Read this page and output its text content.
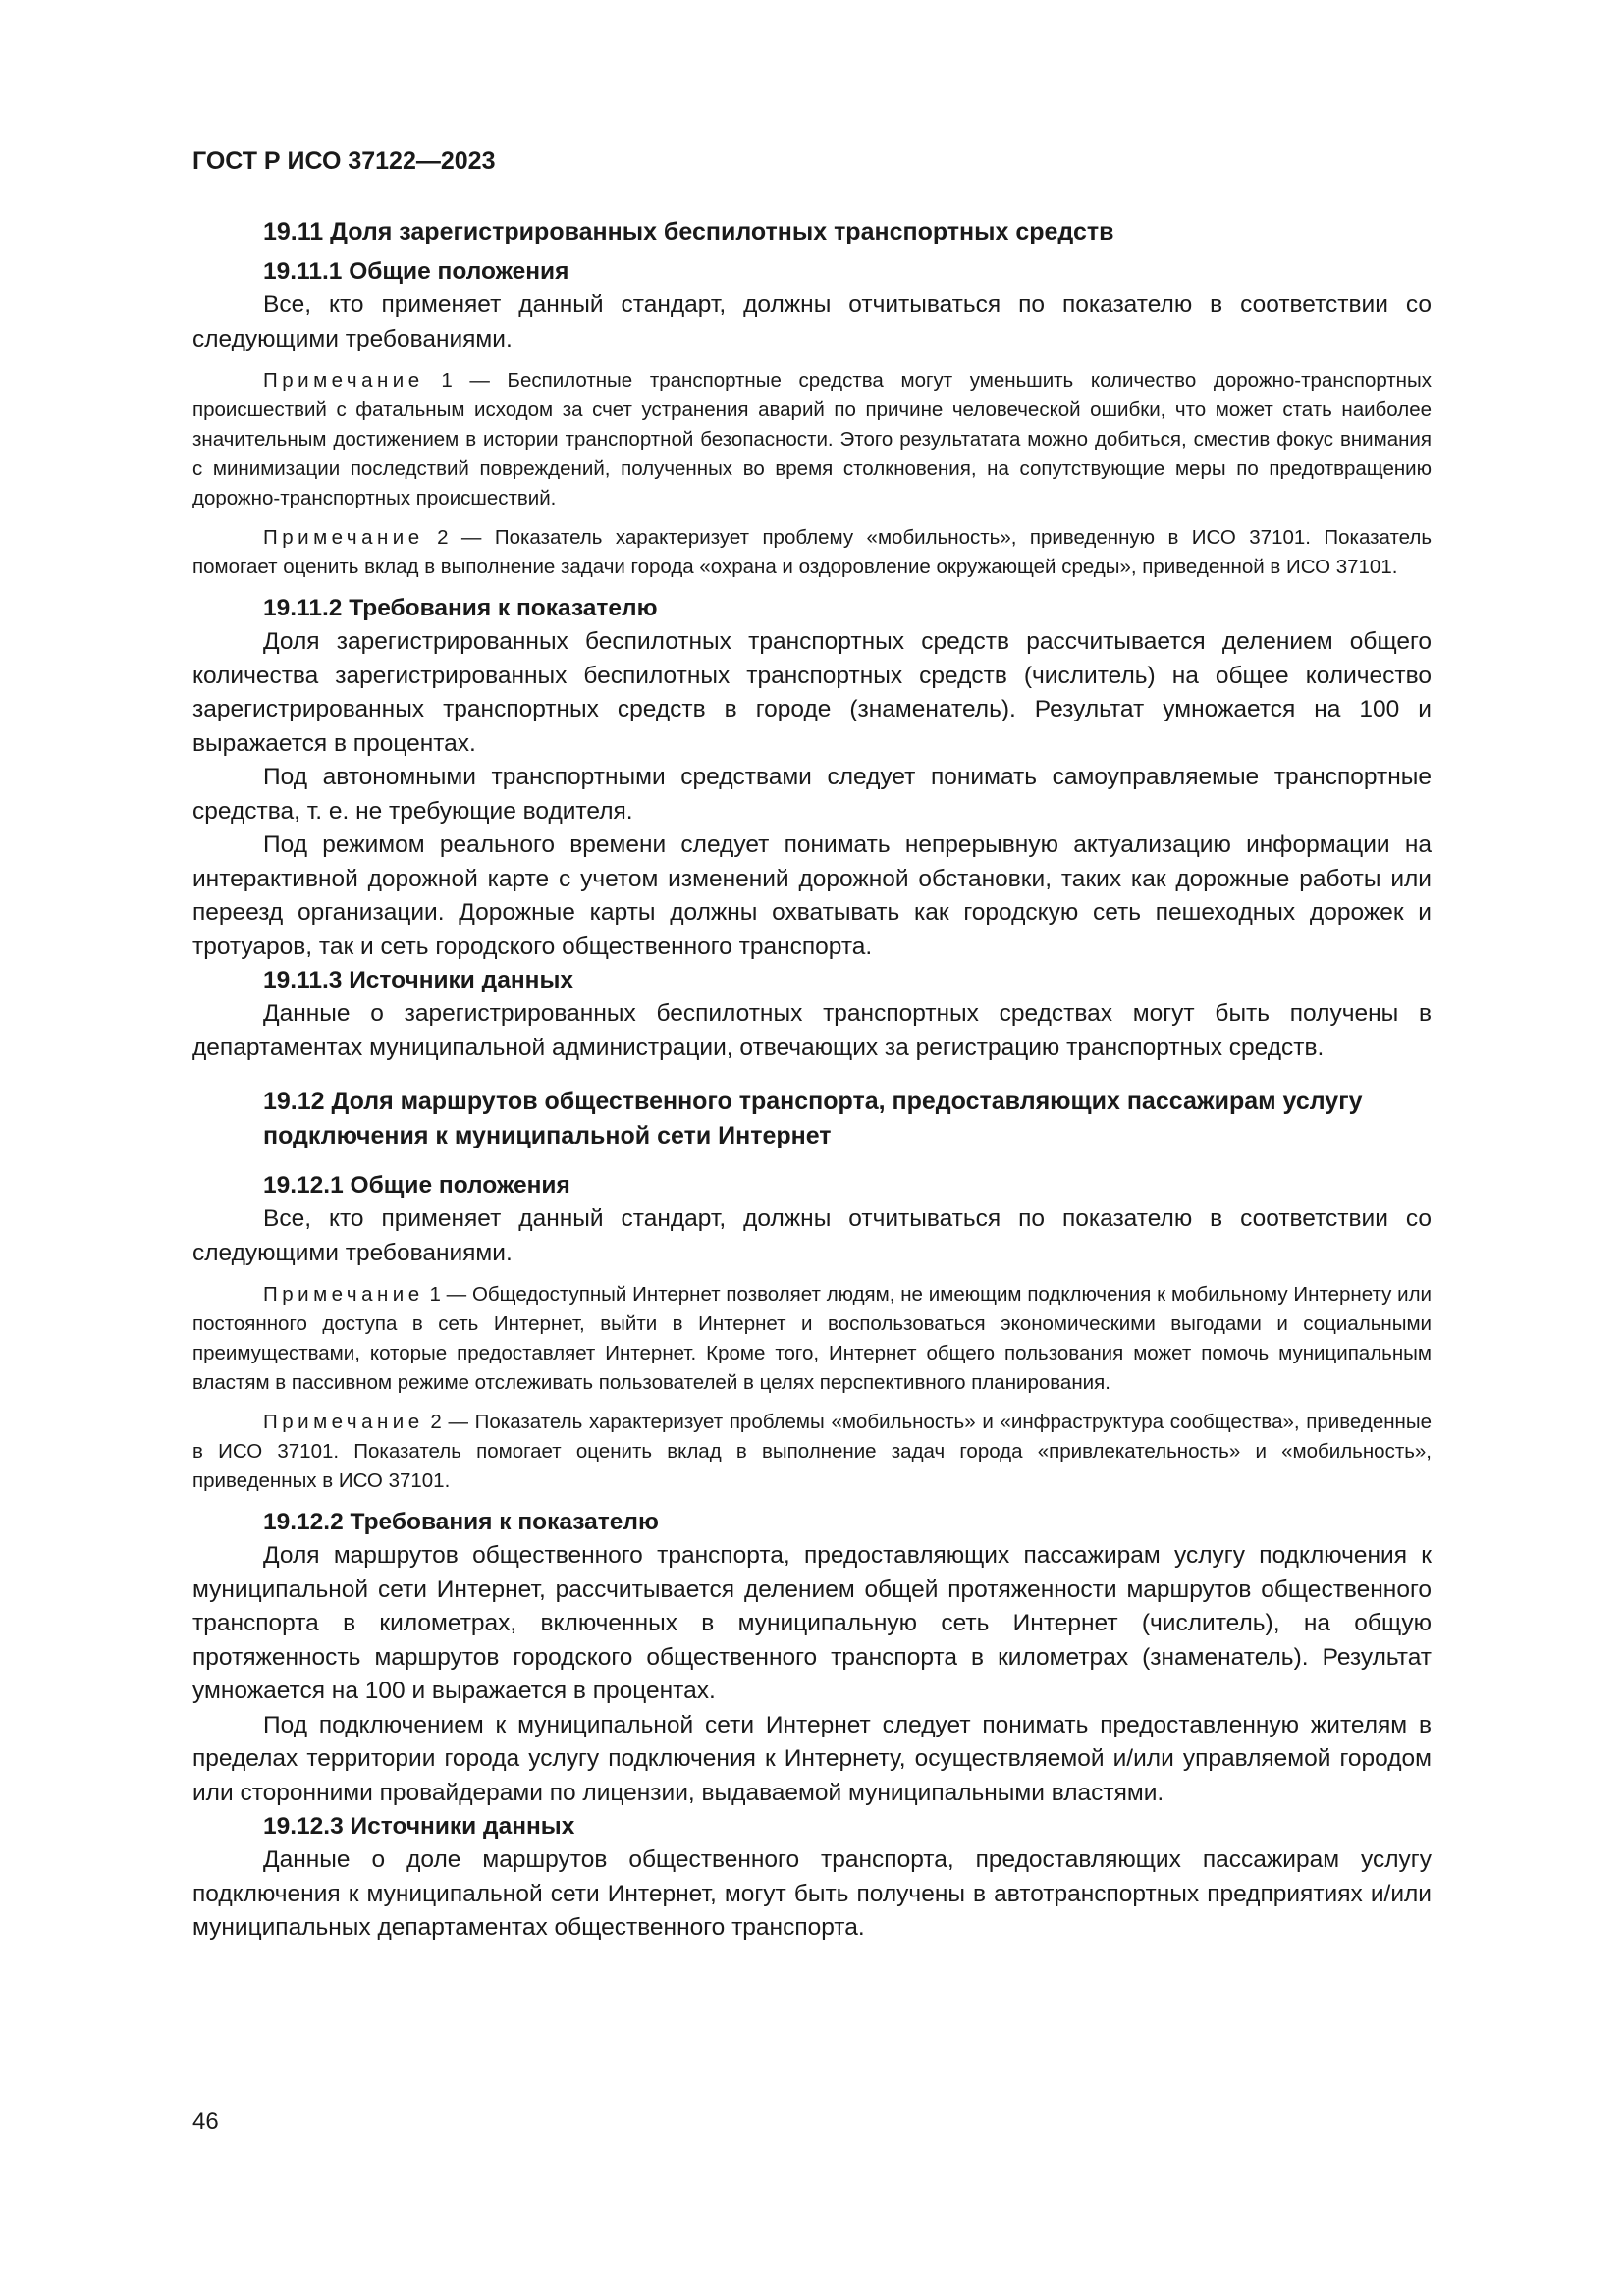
ГОСТ Р ИСО 37122—2023
19.11 Доля зарегистрированных беспилотных транспортных средств
19.11.1 Общие положения

Все, кто применяет данный стандарт, должны отчитываться по показателю в соответствии со следующими требованиями.

Примечание 1 — Беспилотные транспортные средства могут уменьшить количество дорожно-транспортных происшествий с фатальным исходом за счет устранения аварий по причине человеческой ошибки, что может стать наиболее значительным достижением в истории транспортной безопасности. Этого результатата можно добиться, сместив фокус внимания с минимизации последствий повреждений, полученных во время столкновения, на сопутствующие меры по предотвращению дорожно-транспортных происшествий.
Примечание 2 — Показатель характеризует проблему «мобильность», приведенную в ИСО 37101. Показатель помогает оценить вклад в выполнение задачи города «охрана и оздоровление окружающей среды», приведенной в ИСО 37101.
19.11.2 Требования к показателю

Доля зарегистрированных беспилотных транспортных средств рассчитывается делением общего количества зарегистрированных беспилотных транспортных средств (числитель) на общее количество зарегистрированных транспортных средств в городе (знаменатель). Результат умножается на 100 и выражается в процентах.

Под автономными транспортными средствами следует понимать самоуправляемые транспортные средства, т. е. не требующие водителя.

Под режимом реального времени следует понимать непрерывную актуализацию информации на интерактивной дорожной карте с учетом изменений дорожной обстановки, таких как дорожные работы или переезд организации. Дорожные карты должны охватывать как городскую сеть пешеходных дорожек и тротуаров, так и сеть городского общественного транспорта.

19.11.3 Источники данных

Данные о зарегистрированных беспилотных транспортных средствах могут быть получены в департаментах муниципальной администрации, отвечающих за регистрацию транспортных средств.

19.12 Доля маршрутов общественного транспорта, предоставляющих пассажирам услугу подключения к муниципальной сети Интернет
19.12.1 Общие положения

Все, кто применяет данный стандарт, должны отчитываться по показателю в соответствии со следующими требованиями.

Примечание 1 — Общедоступный Интернет позволяет людям, не имеющим подключения к мобильному Интернету или постоянного доступа в сеть Интернет, выйти в Интернет и воспользоваться экономическими выгодами и социальными преимуществами, которые предоставляет Интернет. Кроме того, Интернет общего пользования может помочь муниципальным властям в пассивном режиме отслеживать пользователей в целях перспективного планирования.
Примечание 2 — Показатель характеризует проблемы «мобильность» и «инфраструктура сообщества», приведенные в ИСО 37101. Показатель помогает оценить вклад в выполнение задач города «привлекательность» и «мобильность», приведенных в ИСО 37101.
19.12.2 Требования к показателю

Доля маршрутов общественного транспорта, предоставляющих пассажирам услугу подключения к муниципальной сети Интернет, рассчитывается делением общей протяженности маршрутов общественного транспорта в километрах, включенных в муниципальную сеть Интернет (числитель), на общую протяженность маршрутов городского общественного транспорта в километрах (знаменатель). Результат умножается на 100 и выражается в процентах.

Под подключением к муниципальной сети Интернет следует понимать предоставленную жителям в пределах территории города услугу подключения к Интернету, осуществляемой и/или управляемой городом или сторонними провайдерами по лицензии, выдаваемой муниципальными властями.

19.12.3 Источники данных

Данные о доле маршрутов общественного транспорта, предоставляющих пассажирам услугу подключения к муниципальной сети Интернет, могут быть получены в автотранспортных предприятиях и/или муниципальных департаментах общественного транспорта.

46
